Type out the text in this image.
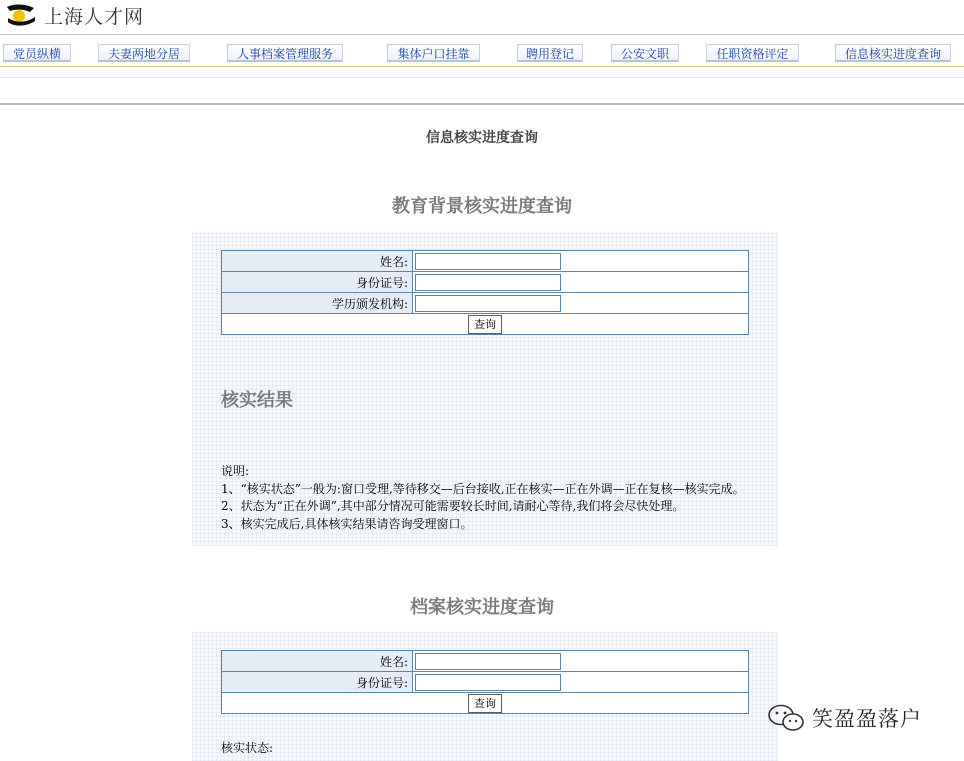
上海人才网
党员纵横	夫妻两地分居	人事档案管理服务	集体户口挂靠	聘用登记	公安文职	任职资格评定	信息核实进度查询
信息核实进度查询
教育背景核实进度查询
姓名:	
身份证号:	
学历颁发机构:	
查询	
核实结果

说明:

1、“核实状态”一般为:窗口受理,等待移交—后台接收,正在核实—正在外调—正在复核—核实完成。

2、状态为“正在外调”,其中部分情况可能需要较长时间,请耐心等待,我们将会尽快处理。

3、核实完成后,具体核实结果请咨询受理窗口。

档案核实进度查询
姓名:	
身份证号:	
查询	
核实状态:
笑盈盈落户
